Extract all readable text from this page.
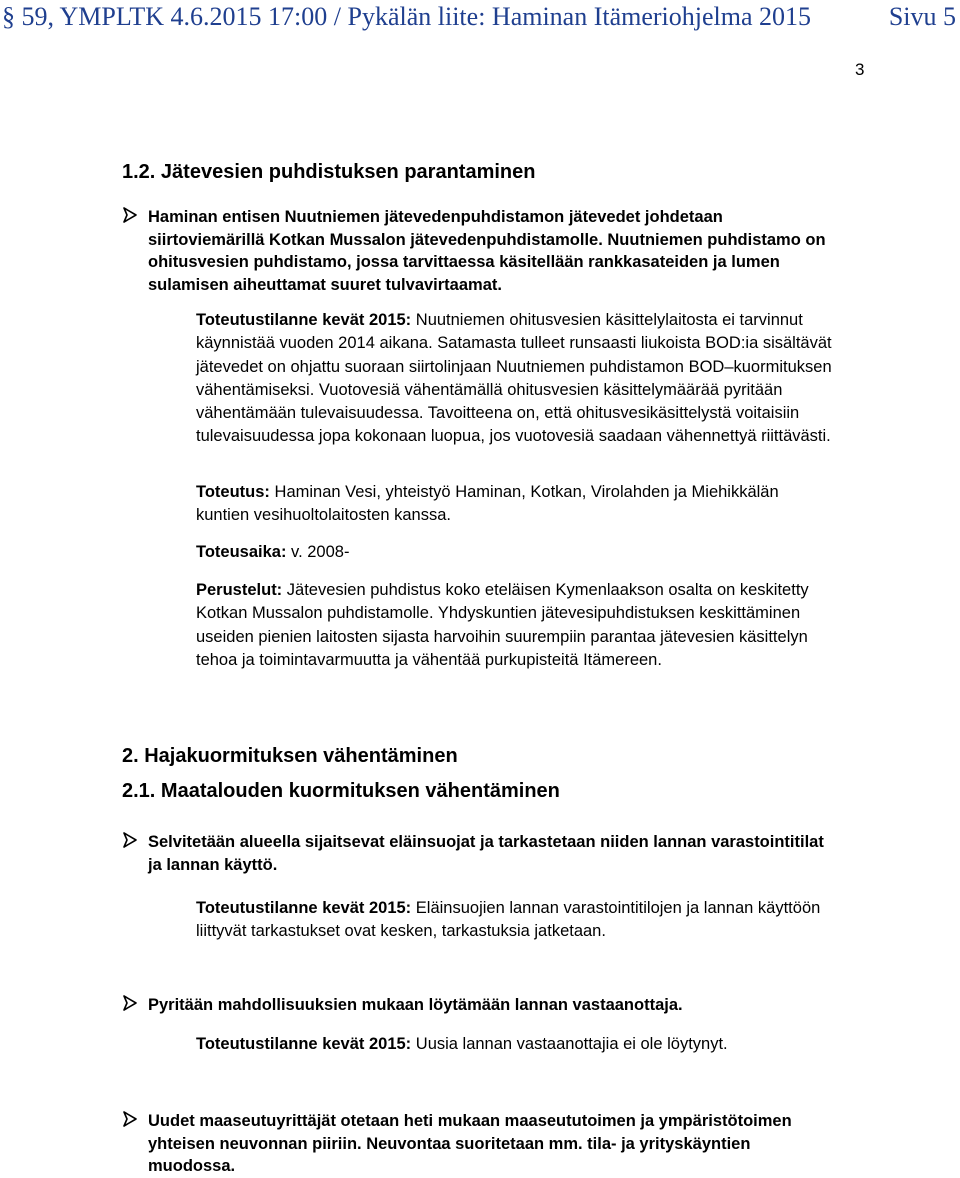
§ 59, YMPLTK 4.6.2015 17:00 / Pykälän liite: Haminan Itämeriohjelma 2015	Sivu 5
3
1.2. Jätevesien puhdistuksen parantaminen
Haminan entisen Nuutniemen jätevedenpuhdistamon jätevedet johdetaan siirtoviemärillä Kotkan Mussalon jätevedenpuhdistamolle. Nuutniemen puhdistamo on ohitusvesien puhdistamo, jossa tarvittaessa käsitellään rankkasateiden ja lumen sulamisen aiheuttamat suuret tulvavirtaamat.
Toteutustilanne kevät 2015: Nuutniemen ohitusvesien käsittelylaitosta ei tarvinnut käynnistää vuoden 2014 aikana. Satamasta tulleet runsaasti liukoista BOD:ia sisältävät jätevedet on ohjattu suoraan siirtolinjaan Nuutniemen puhdistamon BOD–kuormituksen vähentämiseksi. Vuotovesiä vähentämällä ohitusvesien käsittelymäärää pyritään vähentämään tulevaisuudessa. Tavoitteena on, että ohitusvesikäsittelystä voitaisiin tulevaisuudessa jopa kokonaan luopua, jos vuotovesiä saadaan vähennettyä riittävästi.
Toteutus: Haminan Vesi, yhteistyö Haminan, Kotkan, Virolahden ja Miehikkälän kuntien vesihuoltolaitosten kanssa.
Toteusaika: v. 2008-
Perustelut: Jätevesien puhdistus koko eteläisen Kymenlaakson osalta on keskitetty Kotkan Mussalon puhdistamolle. Yhdyskuntien jätevesipuhdistuksen keskittäminen useiden pienien laitosten sijasta harvoihin suurempiin parantaa jätevesien käsittelyn tehoa ja toimintavarmuutta ja vähentää purkupisteitä Itämereen.
2. Hajakuormituksen vähentäminen
2.1. Maatalouden kuormituksen vähentäminen
Selvitetään alueella sijaitsevat eläinsuojat ja tarkastetaan niiden lannan varastointitilat ja lannan käyttö.
Toteutustilanne kevät 2015: Eläinsuojien lannan varastointitilojen ja lannan käyttöön liittyvät tarkastukset ovat kesken, tarkastuksia jatketaan.
Pyritään mahdollisuuksien mukaan löytämään lannan vastaanottaja.
Toteutustilanne kevät 2015: Uusia lannan vastaanottajia ei ole löytynyt.
Uudet maaseutuyrittäjät otetaan heti mukaan maaseututoimen ja ympäristötoimen yhteisen neuvonnan piiriin. Neuvontaa suoritetaan mm. tila- ja yrityskäyntien muodossa.
